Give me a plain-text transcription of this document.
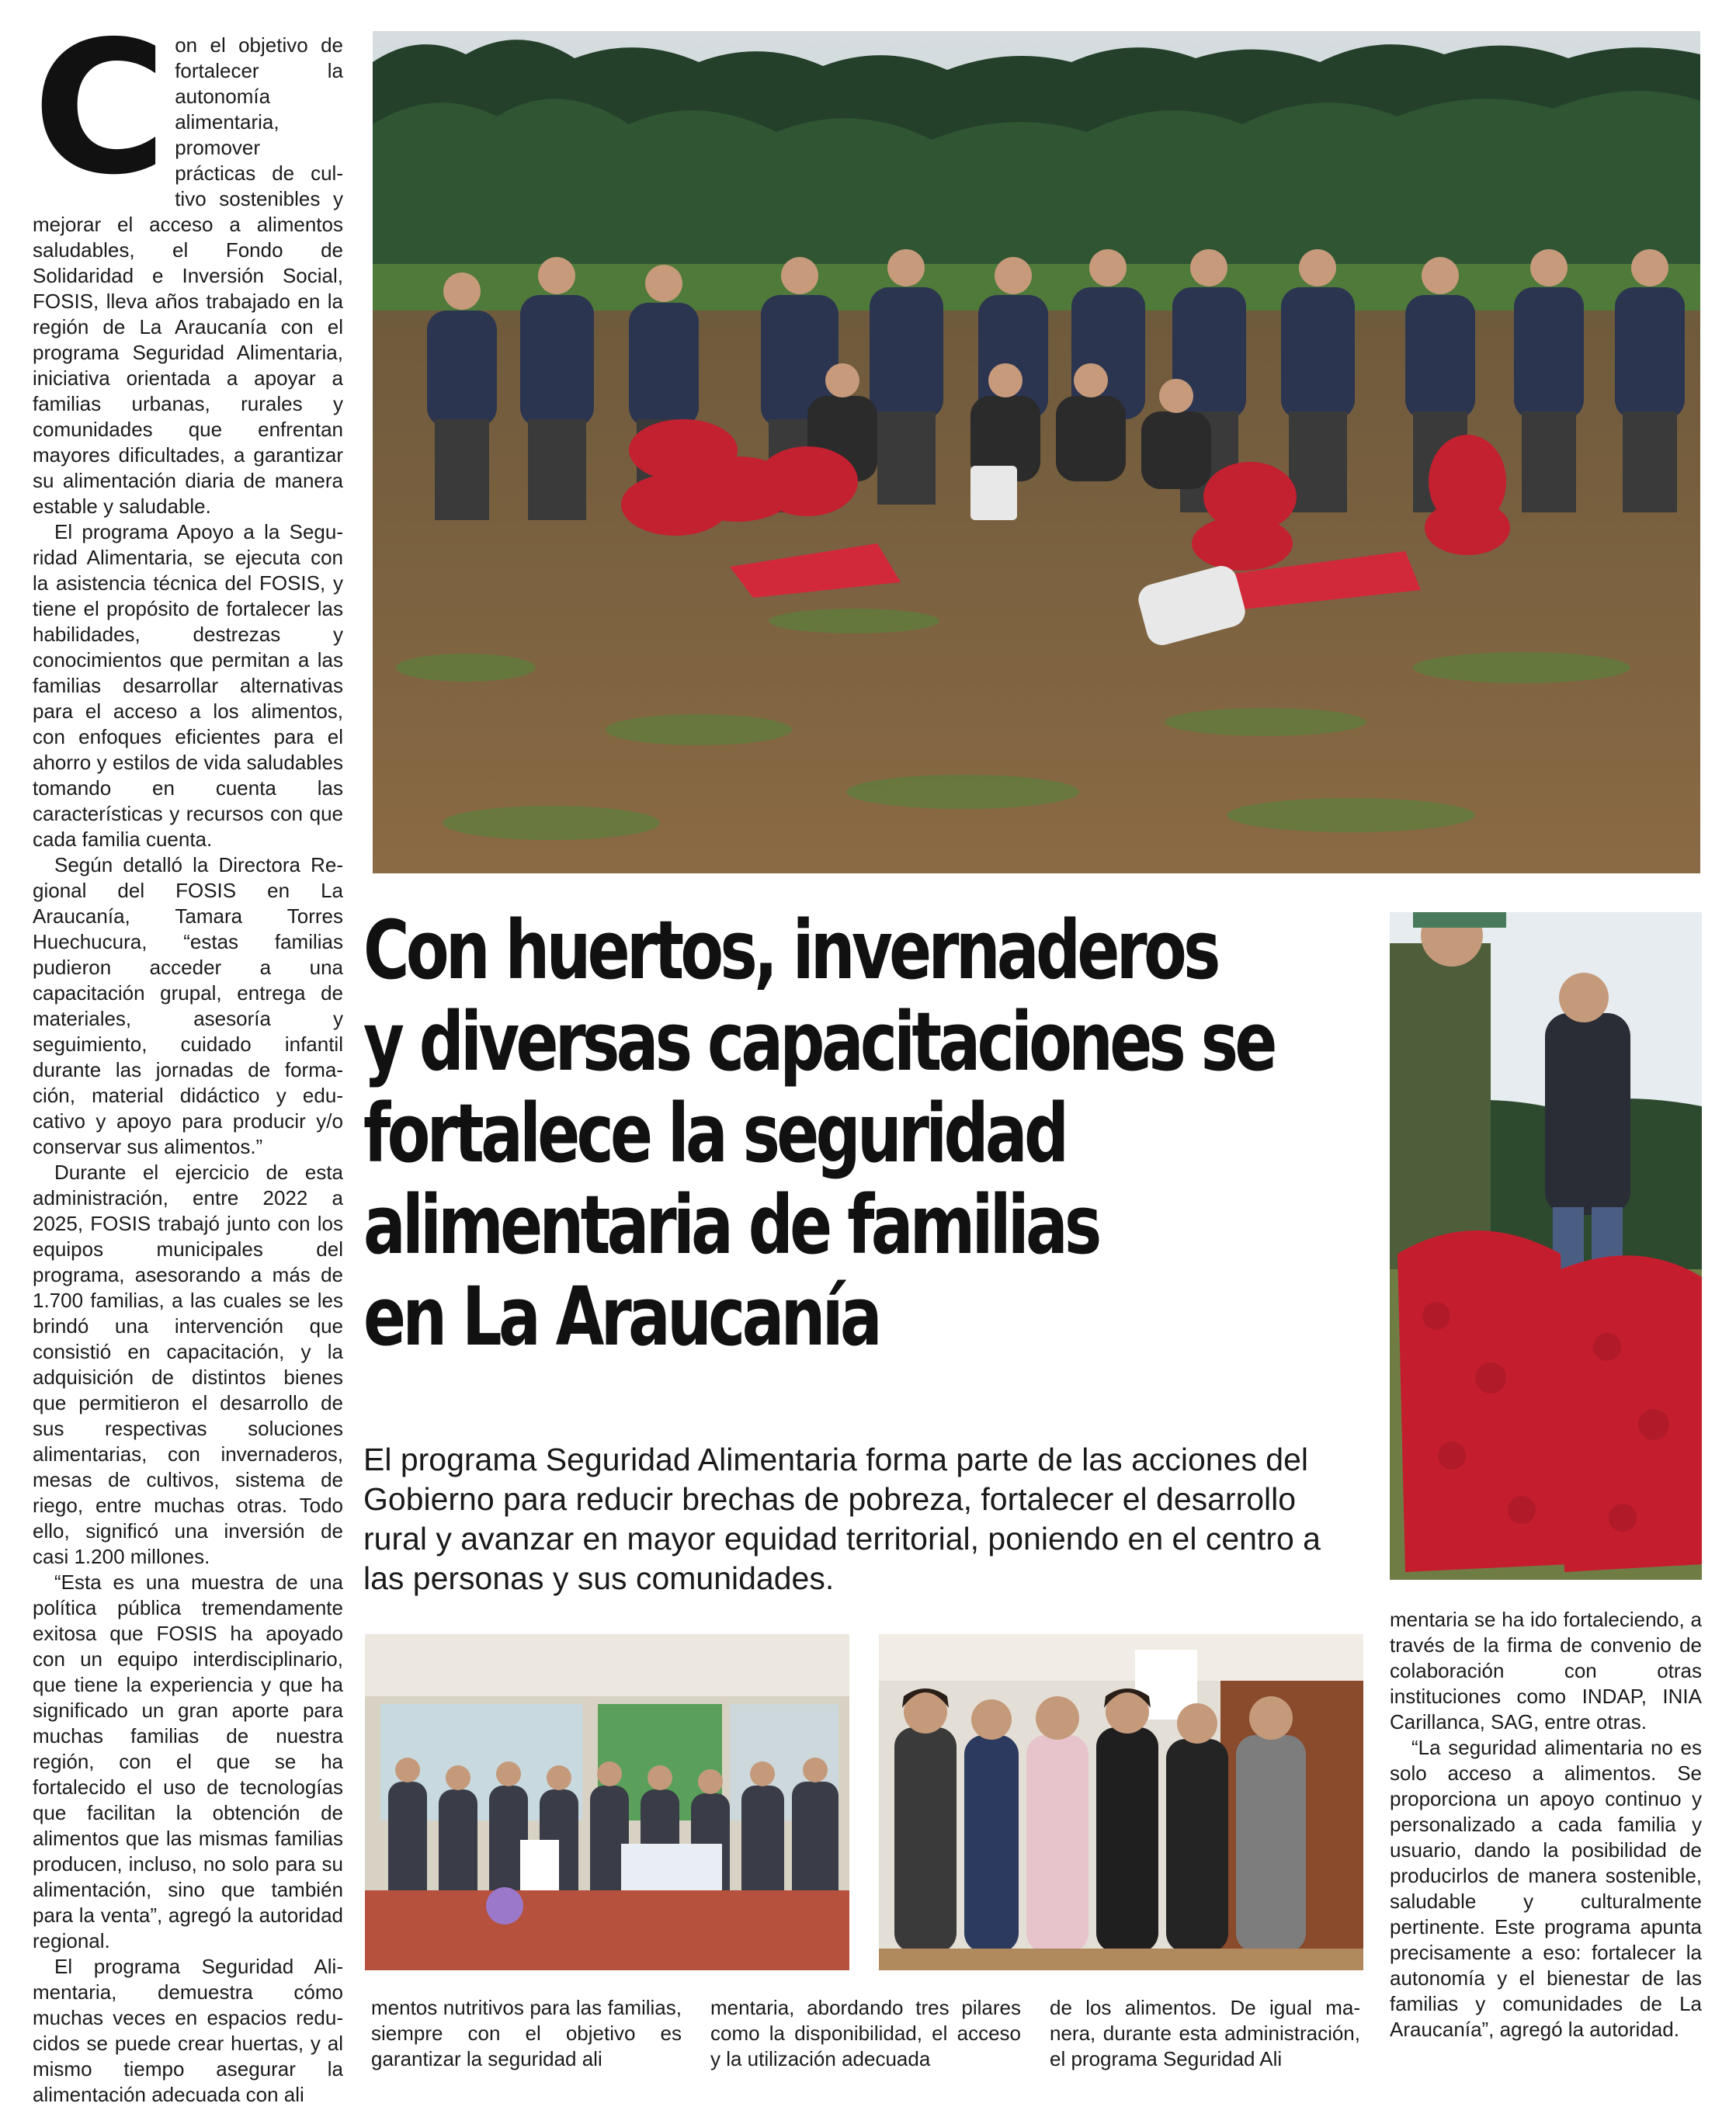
Con el objetivo de fortalecer la autonomía alimentaria, promover prácticas de cultivo sostenibles y mejorar el acceso a alimentos saludables, el Fondo de Solidaridad e Inversión Social, FOSIS, lleva años trabajado en la región de La Araucanía con el programa Seguridad Alimentaria, iniciativa orientada a apoyar a familias urbanas, rurales y comunidades que enfrentan mayores dificultades, a garantizar su alimentación diaria de manera estable y saludable.

El programa Apoyo a la Seguridad Alimentaria, se ejecuta con la asistencia técnica del FOSIS, y tiene el propósito de fortalecer las habilidades, destrezas y conocimientos que permitan a las familias desarrollar alternativas para el acceso a los alimentos, con enfoques eficientes para el ahorro y estilos de vida saludables tomando en cuenta las características y recursos con que cada familia cuenta.

Según detalló la Directora Regional del FOSIS en La Araucanía, Tamara Torres Huechucura, “estas familias pudieron acceder a una capacitación grupal, entrega de materiales, asesoría y seguimiento, cuidado infantil durante las jornadas de formación, material didáctico y educativo y apoyo para producir y/o conservar sus alimentos.”

Durante el ejercicio de esta administración, entre 2022 a 2025, FOSIS trabajó junto con los equipos municipales del programa, asesorando a más de 1.700 familias, a las cuales se les brindó una intervención que consistió en capacitación, y la adquisición de distintos bienes que permitieron el desarrollo de sus respectivas soluciones alimentarias, con invernaderos, mesas de cultivos, sistema de riego, entre muchas otras. Todo ello, significó una inversión de casi 1.200 millones.

“Esta es una muestra de una política pública tremendamente exitosa que FOSIS ha apoyado con un equipo interdisciplinario, que tiene la experiencia y que ha significado un gran aporte para muchas familias de nuestra región, con el que se ha fortalecido el uso de tecnologías que facilitan la obtención de alimentos que las mismas familias producen, incluso, no solo para su alimentación, sino que también para la venta”, agregó la autoridad regional.

El programa Seguridad Alimentaria, demuestra cómo muchas veces en espacios reducidos se puede crear huertas, y al mismo tiempo asegurar la alimentación adecuada con ali

Con huertos, invernaderos
y diversas capacitaciones se
fortalece la seguridad
alimentaria de familias
en La Araucanía
El programa Seguridad Alimentaria forma parte de las acciones del Gobierno para reducir brechas de pobreza, fortalecer el desarrollo rural y avanzar en mayor equidad territorial, poniendo en el centro a las personas y sus comunidades.

mentaria se ha ido fortaleciendo, a través de la firma de convenio de colaboración con otras instituciones como INDAP, INIA Carillanca, SAG, entre otras.

“La seguridad alimentaria no es solo acceso a alimentos. Se proporciona un apoyo continuo y personalizado a cada familia y usuario, dando la posibilidad de producirlos de manera sostenible, saludable y culturalmente pertinente. Este programa apunta precisamente a eso: fortalecer la autonomía y el bienestar de las familias y comunidades de La Araucanía”, agregó la autoridad.

mentos nutritivos para las familias, siempre con el objetivo es garantizar la seguridad ali

mentaria, abordando tres pilares como la disponibilidad, el acceso y la utilización adecuada

de los alimentos. De igual manera, durante esta administración, el programa Seguridad Ali
